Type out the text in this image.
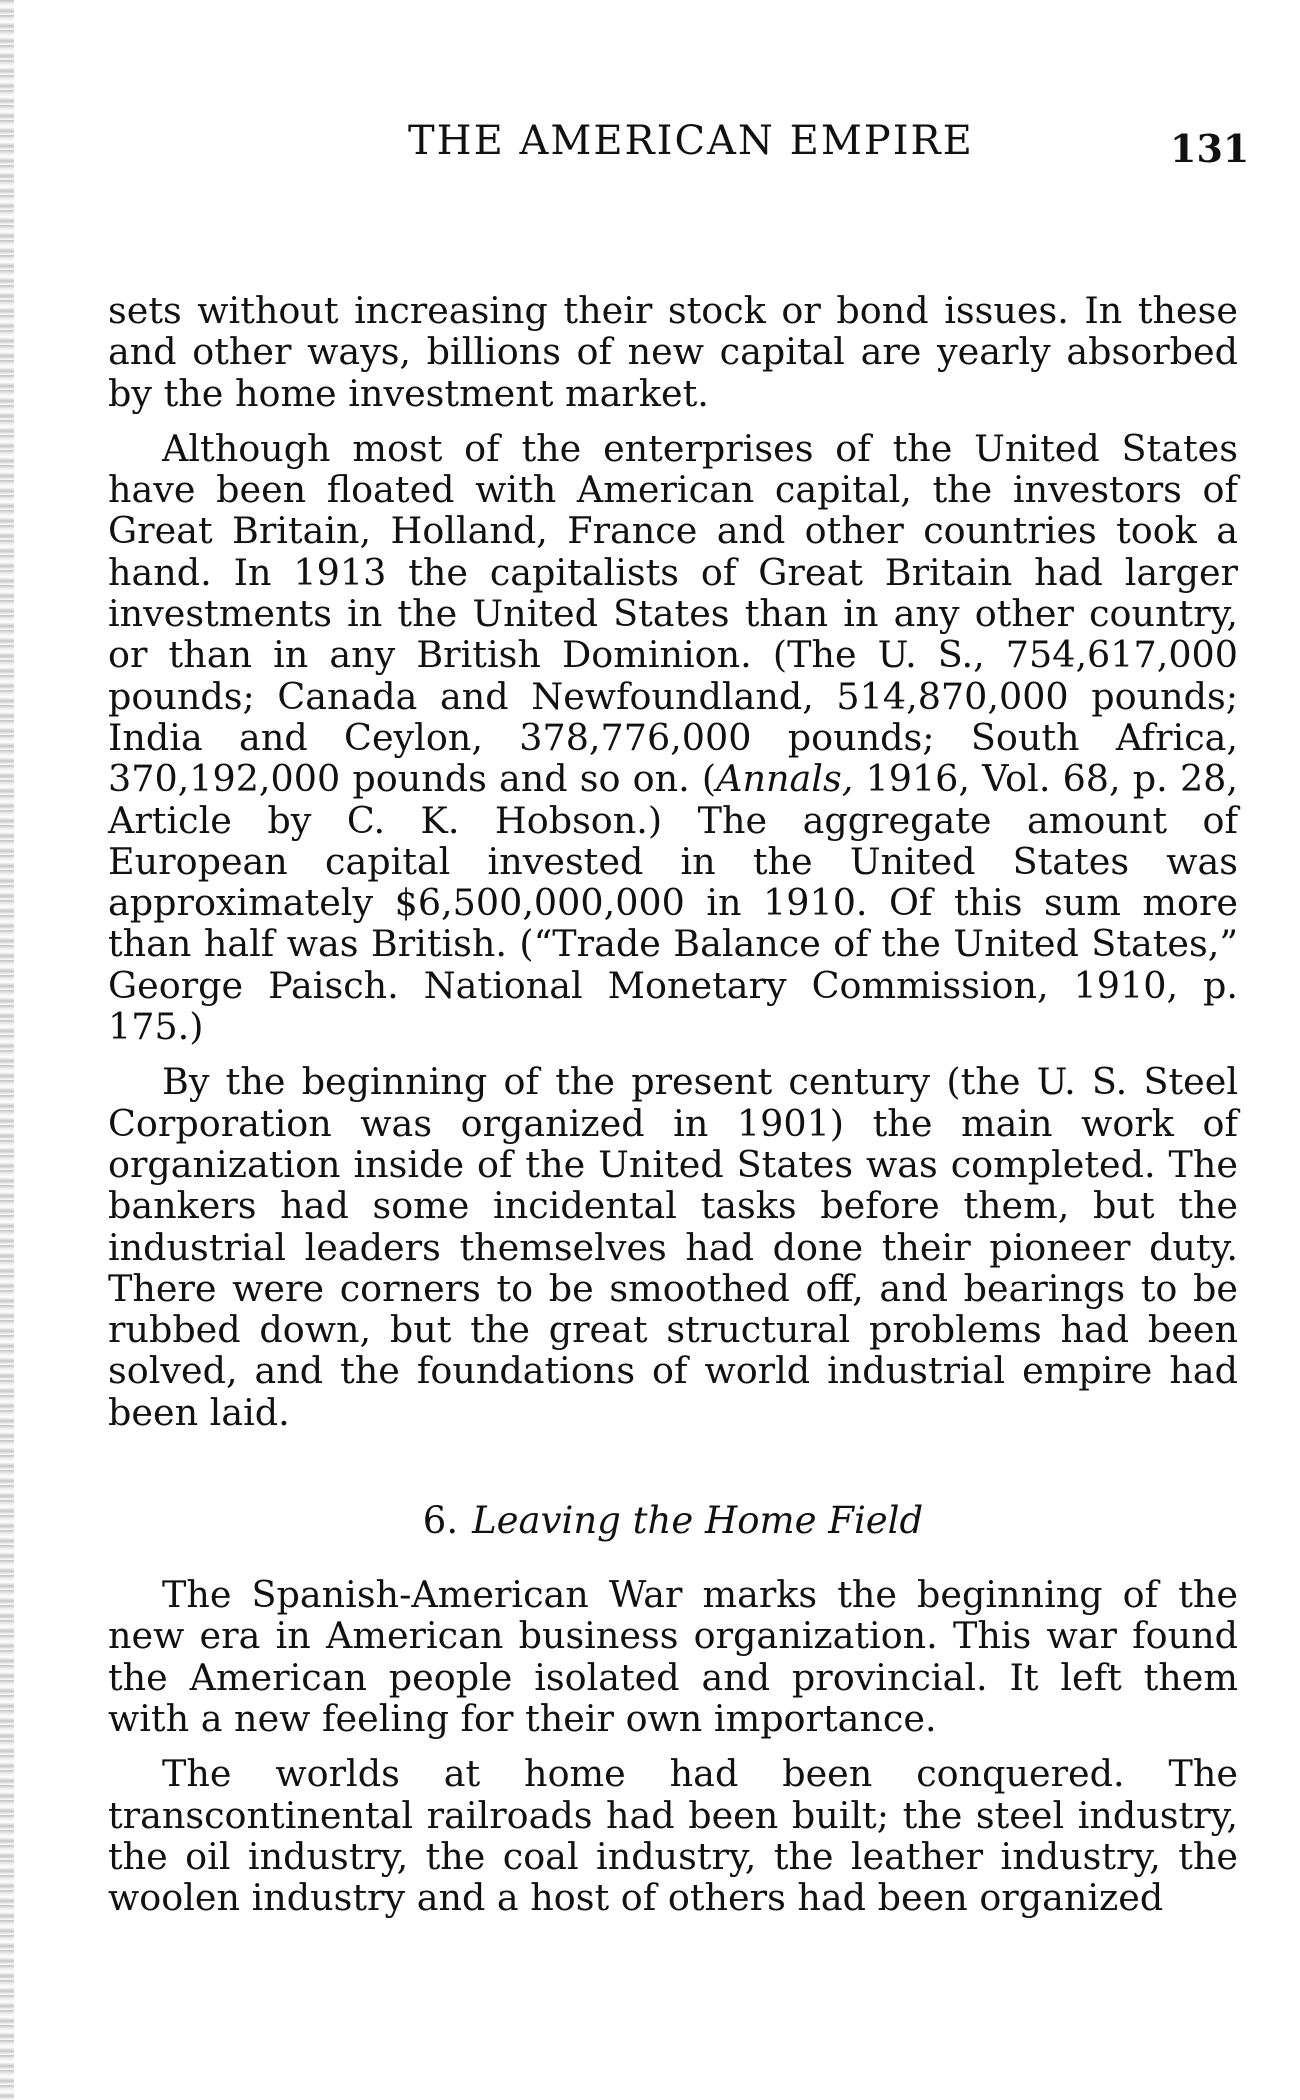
THE AMERICAN EMPIRE	131

sets without increasing their stock or bond issues. In these and other ways, billions of new capital are yearly absorbed by the home investment market.

Although most of the enterprises of the United States have been floated with American capital, the investors of Great Britain, Holland, France and other countries took a hand. In 1913 the capitalists of Great Britain had larger investments in the United States than in any other country, or than in any British Dominion. (The U. S., 754,617,000 pounds; Canada and Newfoundland, 514,870,000 pounds; India and Ceylon, 378,776,000 pounds; South Africa, 370,192,000 pounds and so on. (Annals, 1916, Vol. 68, p. 28, Article by C. K. Hobson.) The aggregate amount of European capital invested in the United States was approximately $6,500,000,000 in 1910. Of this sum more than half was British. (“Trade Balance of the United States,” George Paisch. National Monetary Commission, 1910, p. 175.)

By the beginning of the present century (the U. S. Steel Corporation was organized in 1901) the main work of organization inside of the United States was completed. The bankers had some incidental tasks before them, but the industrial leaders themselves had done their pioneer duty. There were corners to be smoothed off, and bearings to be rubbed down, but the great structural problems had been solved, and the foundations of world industrial empire had been laid.

6. Leaving the Home Field

The Spanish-American War marks the beginning of the new era in American business organization. This war found the American people isolated and provincial. It left them with a new feeling for their own importance.

The worlds at home had been conquered. The transcontinental railroads had been built; the steel industry, the oil industry, the coal industry, the leather industry, the woolen industry and a host of others had been organized
